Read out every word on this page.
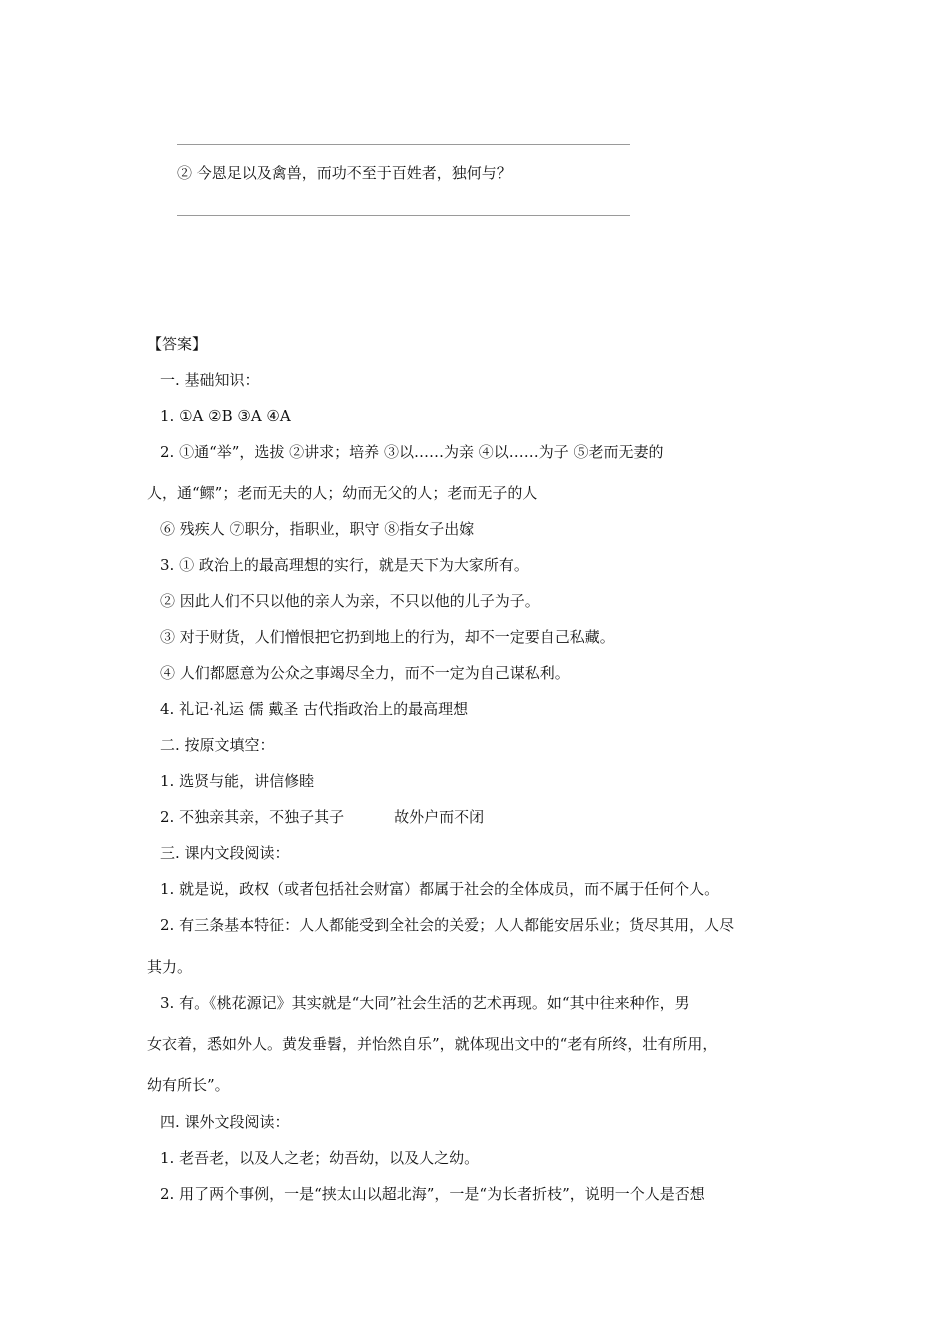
② 今恩足以及禽兽，而功不至于百姓者，独何与？
【答案】
一. 基础知识：
1. ①A ②B ③A ④A
2. ①通“举”，选拔 ②讲求；培养 ③以……为亲 ④以……为子 ⑤老而无妻的
人，通“鳏”；老而无夫的人；幼而无父的人；老而无子的人
⑥ 残疾人 ⑦职分，指职业，职守 ⑧指女子出嫁
3. ① 政治上的最高理想的实行，就是天下为大家所有。
② 因此人们不只以他的亲人为亲，不只以他的儿子为子。
③ 对于财货，人们憎恨把它扔到地上的行为，却不一定要自己私藏。
④ 人们都愿意为公众之事竭尽全力，而不一定为自己谋私利。
4. 礼记·礼运 儒 戴圣 古代指政治上的最高理想
二. 按原文填空：
1. 选贤与能，讲信修睦
2. 不独亲其亲，不独子其子	故外户而不闭
三. 课内文段阅读：
1. 就是说，政权（或者包括社会财富）都属于社会的全体成员，而不属于任何个人。
2. 有三条基本特征：人人都能受到全社会的关爱；人人都能安居乐业；货尽其用，人尽
其力。
3. 有。《桃花源记》其实就是“大同”社会生活的艺术再现。如“其中往来种作，男
女衣着，悉如外人。黄发垂髫，并怡然自乐”，就体现出文中的“老有所终，壮有所用，
幼有所长”。
四. 课外文段阅读：
1. 老吾老，以及人之老；幼吾幼，以及人之幼。
2. 用了两个事例，一是“挟太山以超北海”，一是“为长者折枝”，说明一个人是否想
